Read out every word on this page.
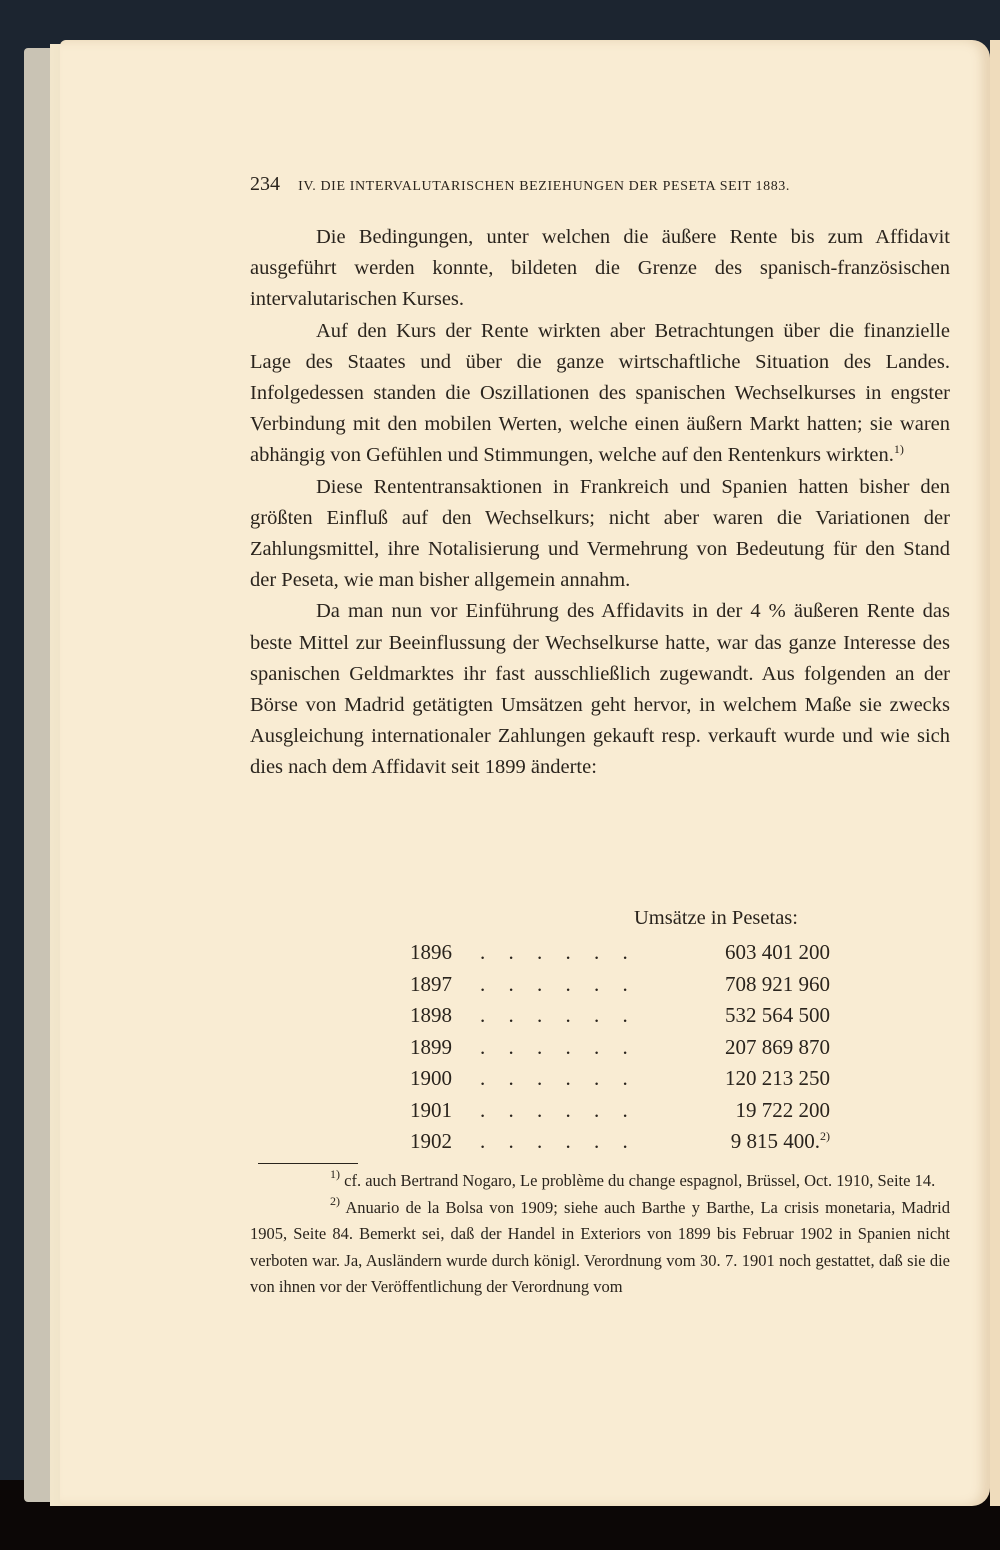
234 IV. DIE INTERVALUTARISCHEN BEZIEHUNGEN DER PESETA SEIT 1883.

Die Bedingungen, unter welchen die äußere Rente bis zum Affidavit ausgeführt werden konnte, bildeten die Grenze des spanisch-französischen intervalutarischen Kurses.

Auf den Kurs der Rente wirkten aber Betrachtungen über die finanzielle Lage des Staates und über die ganze wirtschaftliche Situation des Landes. Infolgedessen standen die Oszillationen des spanischen Wechselkurses in engster Verbindung mit den mobilen Werten, welche einen äußern Markt hatten; sie waren abhängig von Gefühlen und Stimmungen, welche auf den Rentenkurs wirkten.$^{1)}$

Diese Rententransaktionen in Frankreich und Spanien hatten bisher den größten Einfluß auf den Wechselkurs; nicht aber waren die Variationen der Zahlungsmittel, ihre Notalisierung und Vermehrung von Bedeutung für den Stand der Peseta, wie man bisher allgemein annahm.

Da man nun vor Einführung des Affidavits in der 4 % äußeren Rente das beste Mittel zur Beeinflussung der Wechselkurse hatte, war das ganze Interesse des spanischen Geldmarktes ihr fast ausschließlich zugewandt. Aus folgenden an der Börse von Madrid getätigten Umsätzen geht hervor, in welchem Maße sie zwecks Ausgleichung internationaler Zahlungen gekauft resp. verkauft wurde und wie sich dies nach dem Affidavit seit 1899 änderte:

Umsätze in Pesetas:
1896	. . . . . .	603 401 200
1897	. . . . . .	708 921 960
1898	. . . . . .	532 564 500
1899	. . . . . .	207 869 870
1900	. . . . . .	120 213 250
1901	. . . . . .	19 722 200
1902	. . . . . .	9 815 400.$^{2)}$

$^{1)}$ cf. auch Bertrand Nogaro, Le problème du change espagnol, Brüssel, Oct. 1910, Seite 14.

$^{2)}$ Anuario de la Bolsa von 1909; siehe auch Barthe y Barthe, La crisis monetaria, Madrid 1905, Seite 84. Bemerkt sei, daß der Handel in Exteriors von 1899 bis Februar 1902 in Spanien nicht verboten war. Ja, Ausländern wurde durch königl. Verordnung vom 30. 7. 1901 noch gestattet, daß sie die von ihnen vor der Veröffentlichung der Verordnung vom
